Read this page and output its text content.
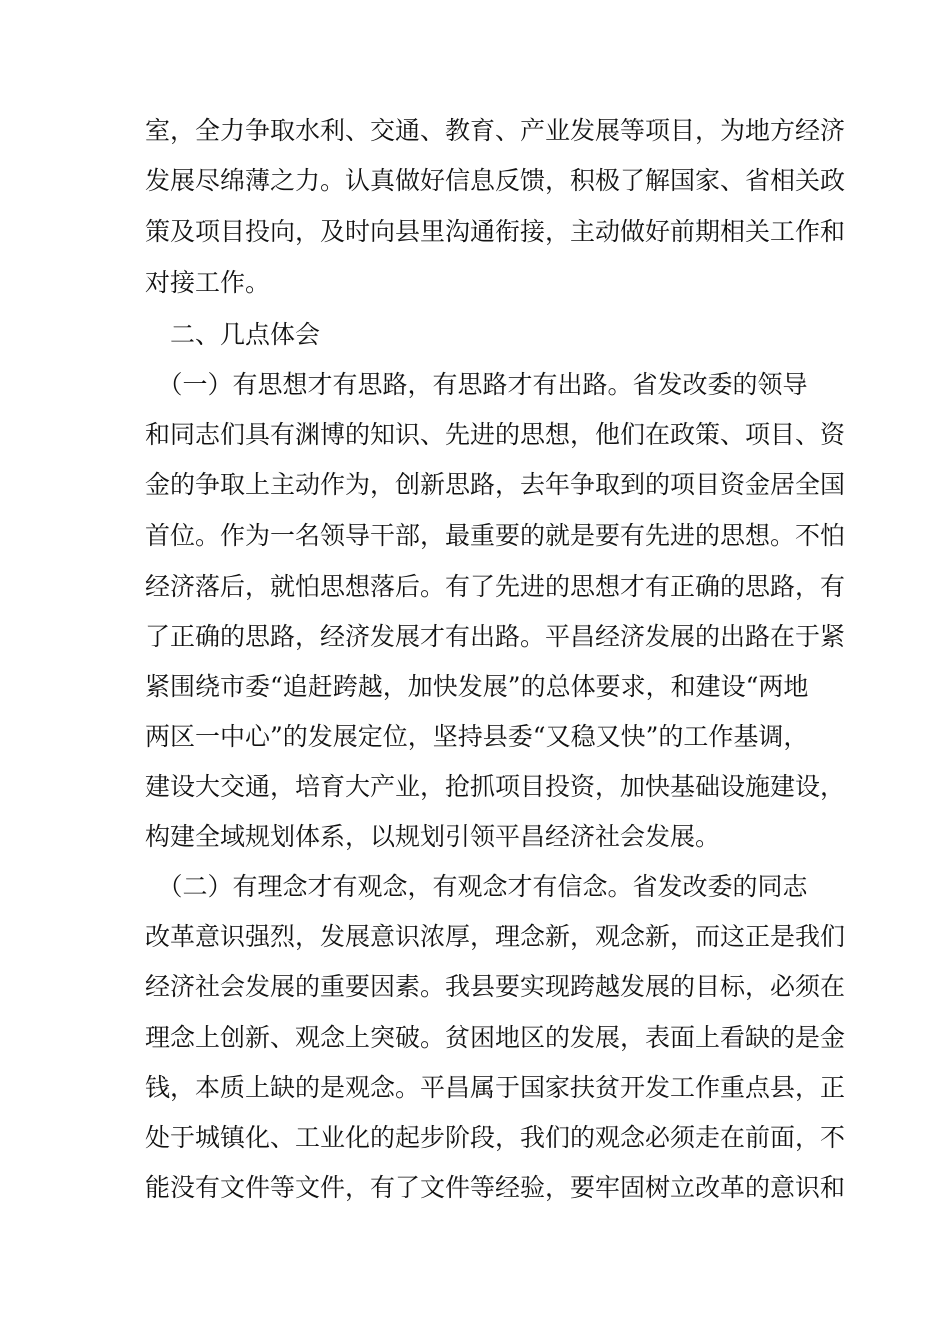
室，全力争取水利、交通、教育、产业发展等项目，为地方经济

发展尽绵薄之力。认真做好信息反馈，积极了解国家、省相关政

策及项目投向，及时向县里沟通衔接，主动做好前期相关工作和

对接工作。

　二、几点体会

　（一）有思想才有思路，有思路才有出路。省发改委的领导

和同志们具有渊博的知识、先进的思想，他们在政策、项目、资

金的争取上主动作为，创新思路，去年争取到的项目资金居全国

首位。作为一名领导干部，最重要的就是要有先进的思想。不怕

经济落后，就怕思想落后。有了先进的思想才有正确的思路，有

了正确的思路，经济发展才有出路。平昌经济发展的出路在于紧

紧围绕市委“追赶跨越，加快发展”的总体要求，和建设“两地

两区一中心”的发展定位，坚持县委“又稳又快”的工作基调，

建设大交通，培育大产业，抢抓项目投资，加快基础设施建设，

构建全域规划体系，以规划引领平昌经济社会发展。

　（二）有理念才有观念，有观念才有信念。省发改委的同志

改革意识强烈，发展意识浓厚，理念新，观念新，而这正是我们

经济社会发展的重要因素。我县要实现跨越发展的目标，必须在

理念上创新、观念上突破。贫困地区的发展，表面上看缺的是金

钱，本质上缺的是观念。平昌属于国家扶贫开发工作重点县，正

处于城镇化、工业化的起步阶段，我们的观念必须走在前面，不

能没有文件等文件，有了文件等经验，要牢固树立改革的意识和
